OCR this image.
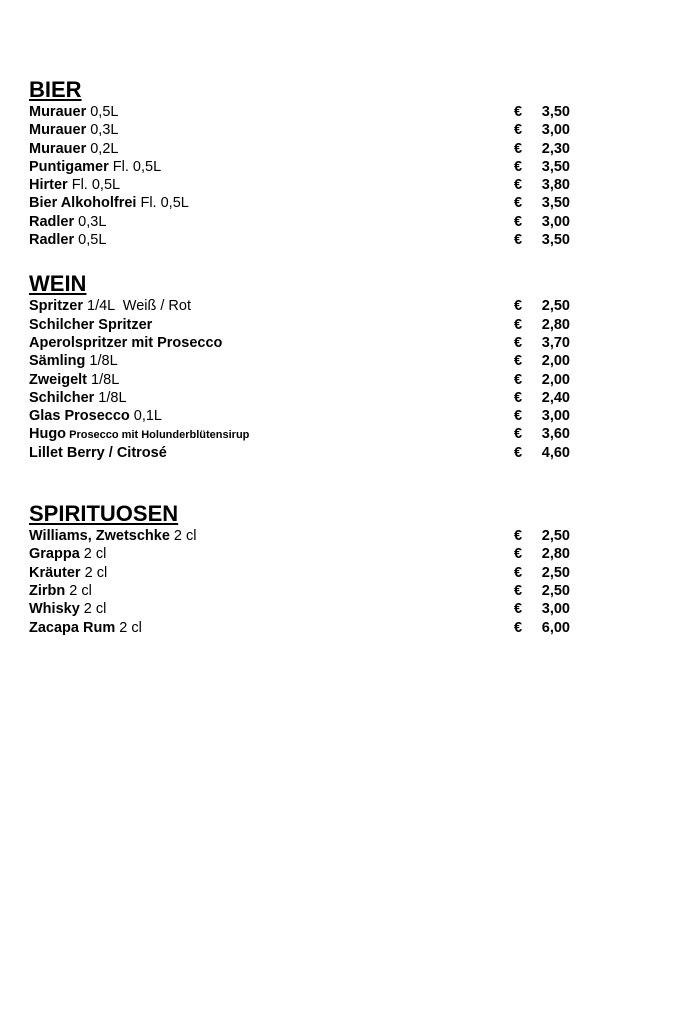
BIER
Murauer 0,5L	€ 3,50
Murauer 0,3L	€ 3,00
Murauer 0,2L	€ 2,30
Puntigamer Fl. 0,5L	€ 3,50
Hirter Fl. 0,5L	€ 3,80
Bier Alkoholfrei Fl. 0,5L	€ 3,50
Radler 0,3L	€ 3,00
Radler 0,5L	€ 3,50
WEIN
Spritzer 1/4L  Weiß / Rot	€ 2,50
Schilcher Spritzer	€ 2,80
Aperolspritzer mit Prosecco	€ 3,70
Sämling 1/8L	€ 2,00
Zweigelt 1/8L	€ 2,00
Schilcher 1/8L	€ 2,40
Glas Prosecco 0,1L	€ 3,00
Hugo Prosecco mit Holunderblütensirup	€ 3,60
Lillet Berry / Citrosé	€ 4,60
SPIRITUOSEN
Williams, Zwetschke 2 cl	€ 2,50
Grappa 2 cl	€ 2,80
Kräuter 2 cl	€ 2,50
Zirbn 2 cl	€ 2,50
Whisky 2 cl	€ 3,00
Zacapa Rum 2 cl	€ 6,00
